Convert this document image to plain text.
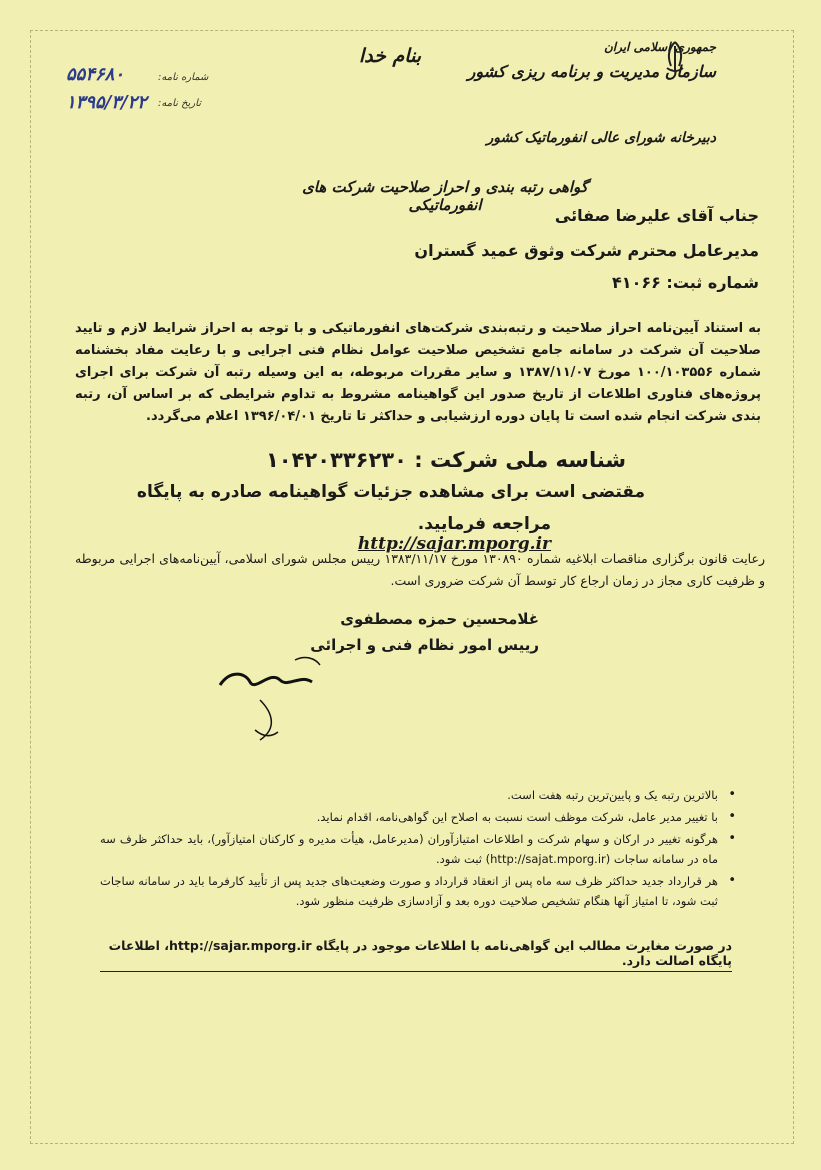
بنام خدا	جمهوری اسلامی ایران
سازمان مدیریت و برنامه ریزی کشور
دبیرخانه شورای عالی انفورماتیک کشور
شماره نامه:
۵۵۴۶۸۰
تاریخ نامه:
۱۳۹۵/۳/۲۲
گواهی رتبه بندی و احراز صلاحیت شرکت های انفورماتیکی
جناب آقای علیرضا صفائی
مدیرعامل محترم شرکت وثوق عمید گستران
شماره ثبت: ۴۱۰۶۶
به استناد آیین‌نامه احراز صلاحیت و رتبه‌بندی شرکت‌های انفورماتیکی و با توجه به احراز شرایط لازم و تایید صلاحیت آن شرکت در سامانه جامع تشخیص صلاحیت عوامل نظام فنی اجرایی و با رعایت مفاد بخشنامه شماره ۱۰۰/۱۰۳۵۵۶ مورخ ۱۳۸۷/۱۱/۰۷ و سایر مقررات مربوطه، به این وسیله رتبه آن شرکت برای اجرای پروژه‌های فناوری اطلاعات از تاریخ صدور این گواهینامه مشروط به تداوم شرایطی که بر اساس آن، رتبه بندی شرکت انجام شده است تا پایان دوره ارزشیابی و حداکثر تا تاریخ ۱۳۹۶/۰۴/۰۱ اعلام می‌گردد.
شناسه ملی شرکت : ۱۰۴۲۰۳۳۶۲۳۰
مقتضی است برای مشاهده جزئیات گواهینامه صادره به پایگاه
مراجعه فرمایید. http://sajar.mporg.ir
رعایت قانون برگزاری مناقصات ابلاغیه شماره ۱۳۰۸۹۰ مورخ ۱۳۸۳/۱۱/۱۷ رییس مجلس شورای اسلامی، آیین‌نامه‌های اجرایی مربوطه و ظرفیت کاری مجاز در زمان ارجاع کار توسط آن شرکت ضروری است.
غلامحسین حمزه مصطفوی
رییس امور نظام فنی و اجرائی
•
بالاترین رتبه یک و پایین‌ترین رتبه هفت است.
•
با تغییر مدیر عامل، شرکت موظف است نسبت به اصلاح این گواهی‌نامه، اقدام نماید.
•
هرگونه تغییر در ارکان و سهام شرکت و اطلاعات امتیازآوران (مدیرعامل، هیأت مدیره و کارکنان امتیازآور)، باید حداکثر ظرف سه ماه در سامانه ساجات (http://sajat.mporg.ir) ثبت شود.
•
هر قرارداد جدید حداکثر ظرف سه ماه پس از انعقاد قرارداد و صورت وضعیت‌های جدید پس از تأیید کارفرما باید در سامانه ساجات ثبت شود، تا امتیاز آنها هنگام تشخیص صلاحیت دوره بعد و آزادسازی ظرفیت منظور شود.
در صورت مغایرت مطالب این گواهی‌نامه با اطلاعات موجود در پایگاه http://sajar.mporg.ir، اطلاعات پایگاه اصالت دارد.
